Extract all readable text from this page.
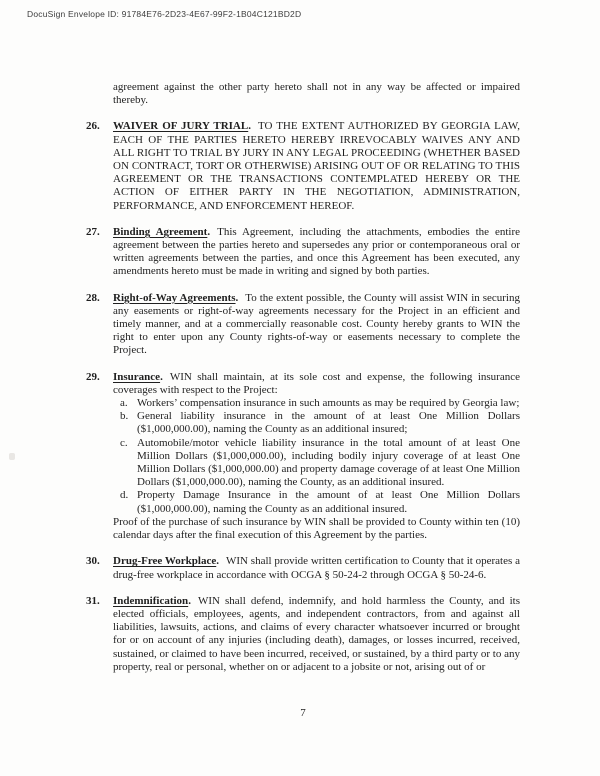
DocuSign Envelope ID: 91784E76-2D23-4E67-99F2-1B04C121BD2D

agreement against the other party hereto shall not in any way be affected or impaired thereby.

26.	WAIVER OF JURY TRIAL. TO THE EXTENT AUTHORIZED BY GEORGIA LAW, EACH OF THE PARTIES HERETO HEREBY IRREVOCABLY WAIVES ANY AND ALL RIGHT TO TRIAL BY JURY IN ANY LEGAL PROCEEDING (WHETHER BASED ON CONTRACT, TORT OR OTHERWISE) ARISING OUT OF OR RELATING TO THIS AGREEMENT OR THE TRANSACTIONS CONTEMPLATED HEREBY OR THE ACTION OF EITHER PARTY IN THE NEGOTIATION, ADMINISTRATION, PERFORMANCE, AND ENFORCEMENT HEREOF.
27.	Binding Agreement. This Agreement, including the attachments, embodies the entire agreement between the parties hereto and supersedes any prior or contemporaneous oral or written agreements between the parties, and once this Agreement has been executed, any amendments hereto must be made in writing and signed by both parties.
28.	Right-of-Way Agreements. To the extent possible, the County will assist WIN in securing any easements or right-of-way agreements necessary for the Project in an efficient and timely manner, and at a commercially reasonable cost. County hereby grants to WIN the right to enter upon any County rights-of-way or easements necessary to complete the Project.
29.	Insurance. WIN shall maintain, at its sole cost and expense, the following insurance coverages with respect to the Project:
a. Workers’ compensation insurance in such amounts as may be required by Georgia law;
b. General liability insurance in the amount of at least One Million Dollars ($1,000,000.00), naming the County as an additional insured;
c. Automobile/motor vehicle liability insurance in the total amount of at least One Million Dollars ($1,000,000.00), including bodily injury coverage of at least One Million Dollars ($1,000,000.00) and property damage coverage of at least One Million Dollars ($1,000,000.00), naming the County, as an additional insured.
d. Property Damage Insurance in the amount of at least One Million Dollars ($1,000,000.00), naming the County as an additional insured.
Proof of the purchase of such insurance by WIN shall be provided to County within ten (10) calendar days after the final execution of this Agreement by the parties.
30.	Drug-Free Workplace. WIN shall provide written certification to County that it operates a drug-free workplace in accordance with OCGA § 50-24-2 through OCGA § 50-24-6.
31.	Indemnification. WIN shall defend, indemnify, and hold harmless the County, and its elected officials, employees, agents, and independent contractors, from and against all liabilities, lawsuits, actions, and claims of every character whatsoever incurred or brought for or on account of any injuries (including death), damages, or losses incurred, received, sustained, or claimed to have been incurred, received, or sustained, by a third party or to any property, real or personal, whether on or adjacent to a jobsite or not, arising out of or
7
